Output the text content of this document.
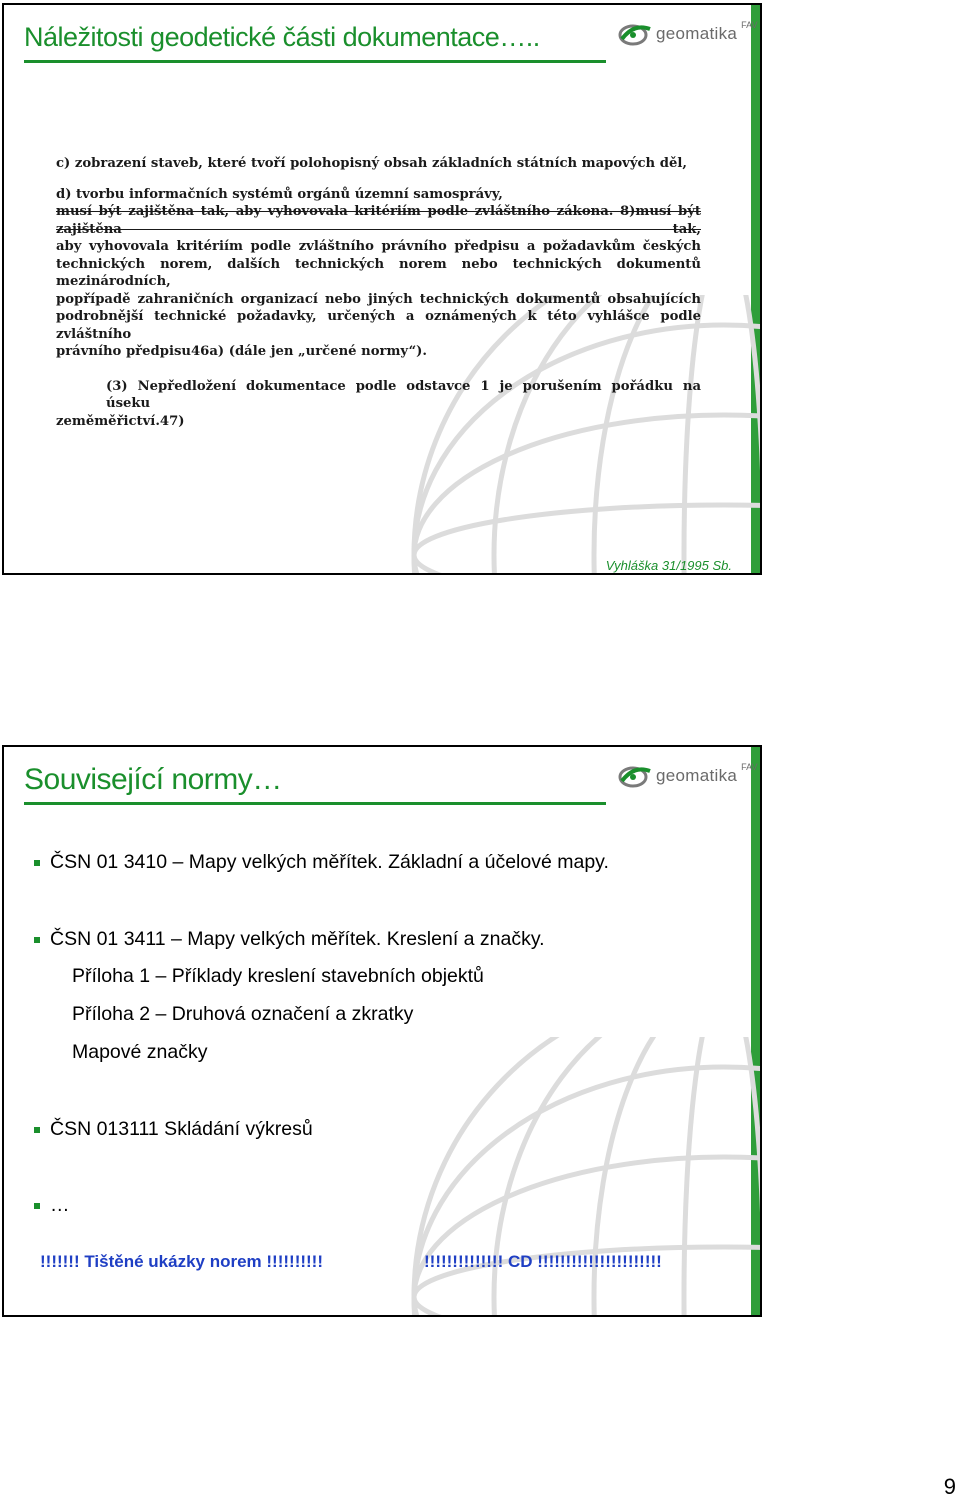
Náležitosti geodetické části dokumentace…..	geomatika FAV

c) zobrazení staveb, které tvoří polohopisný obsah základních státních mapových děl,

d) tvorbu informačních systémů orgánů územní samosprávy,

musí být zajištěna tak, aby vyhovovala kritériím podle zvláštního zákona. 8)musí být zajištěna tak,

aby vyhovovala kritériím podle zvláštního právního předpisu a požadavkům českých

technických norem, dalších technických norem nebo technických dokumentů mezinárodních,

popřípadě zahraničních organizací nebo jiných technických dokumentů obsahujících

podrobnější technické požadavky, určených a oznámených k této vyhlášce podle zvláštního

právního předpisu46a) (dále jen „určené normy“).

(3) Nepředložení dokumentace podle odstavce 1 je porušením pořádku na úseku

zeměměřictví.47)

Vyhláška 31/1995 Sb.
Související normy…	geomatika FAV
ČSN 01 3410 – Mapy velkých měřítek. Základní a účelové mapy.
ČSN 01 3411 – Mapy velkých měřítek. Kreslení a značky.
ČSN 013111 Skládání výkresů
…
Příloha 1 – Příklady kreslení stavebních objektů
Příloha 2 – Druhová označení a zkratky
Mapové značky
!!!!!!! Tištěné ukázky norem !!!!!!!!!!	!!!!!!!!!!!!!! CD !!!!!!!!!!!!!!!!!!!!!!
9
